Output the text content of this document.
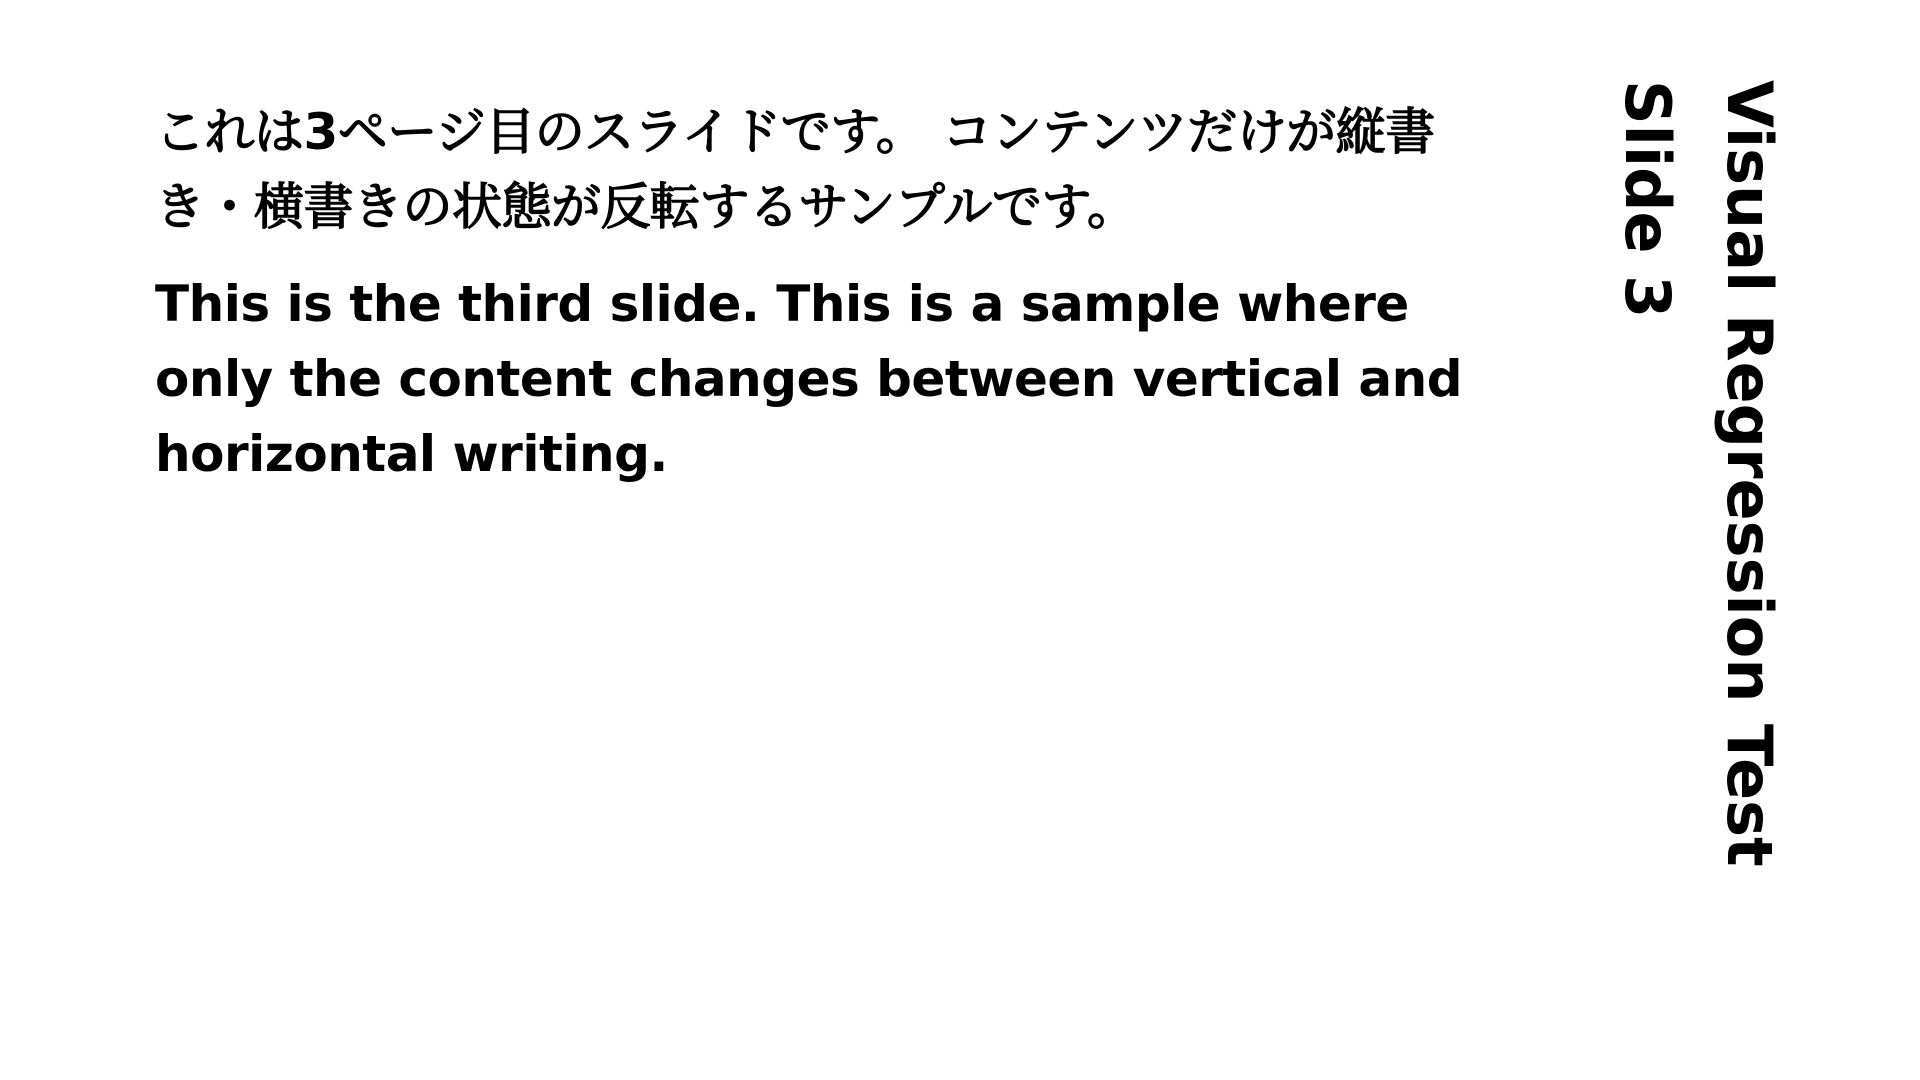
これは3ページ目のスライドです。 コンテンツだけが縦書き・横書きの状態が反転するサンプルです。

This is the third slide. This is a sample where only the content changes between vertical and horizontal writing.	Visual Regression Test
Slide 3
